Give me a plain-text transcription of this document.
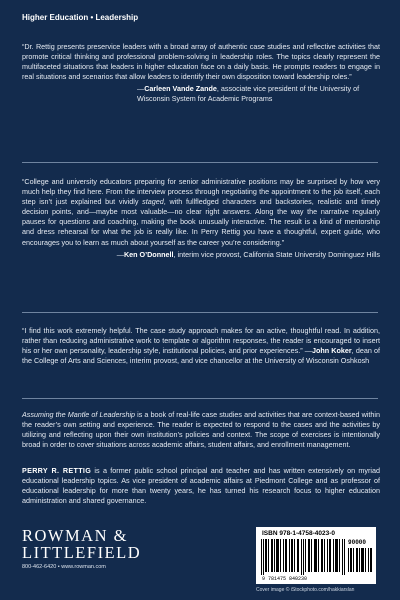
Higher Education • Leadership
“Dr. Rettig presents preservice leaders with a broad array of authentic case studies and reflective activities that promote critical thinking and professional problem-solving in leadership roles. The topics clearly represent the multifaceted situations that leaders in higher education face on a daily basis. He prompts readers to engage in real situations and scenarios that allow leaders to identify their own disposition toward leadership roles.”
—Carleen Vande Zande, associate vice president of the University of Wisconsin System for Academic Programs
“College and university educators preparing for senior administrative positions may be surprised by how very much help they find here. From the interview process through negotiating the appointment to the job itself, each step isn’t just explained but vividly staged, with fullfledged characters and backstories, realistic and timely decision points, and—maybe most valuable—no clear right answers. Along the way the narrative regularly pauses for questions and coaching, making the book unusually interactive. The result is a kind of mentorship and dress rehearsal for what the job is really like. In Perry Rettig you have a thoughtful, expert guide, who encourages you to learn as much about yourself as the career you’re considering.”
—Ken O’Donnell, interim vice provost, California State University Dominguez Hills
“I find this work extremely helpful. The case study approach makes for an active, thoughtful read. In addition, rather than reducing administrative work to template or algorithm responses, the reader is encouraged to insert his or her own personality, leadership style, institutional policies, and prior experiences.” —John Koker, dean of the College of Arts and Sciences, interim provost, and vice chancellor at the University of Wisconsin Oshkosh
Assuming the Mantle of Leadership is a book of real-life case studies and activities that are context-based within the reader’s own setting and experience. The reader is expected to respond to the cases and the activities by utilizing and reflecting upon their own institution’s policies and context. The scope of exercises is intentionally broad in order to cover situations across academic affairs, student affairs, and enrollment management.
PERRY R. RETTIG is a former public school principal and teacher and has written extensively on myriad educational leadership topics. As vice president of academic affairs at Piedmont College and as professor of educational leadership for more than twenty years, he has turned his research focus to higher education administration and shared governance.
ROWMAN &
LITTLEFIELD
800-462-6420 • www.rowman.com
ISBN 978-1-4758-4023-0
90000
9 781475 840230
Cover image © iStockphoto.com/hakkiarslan
